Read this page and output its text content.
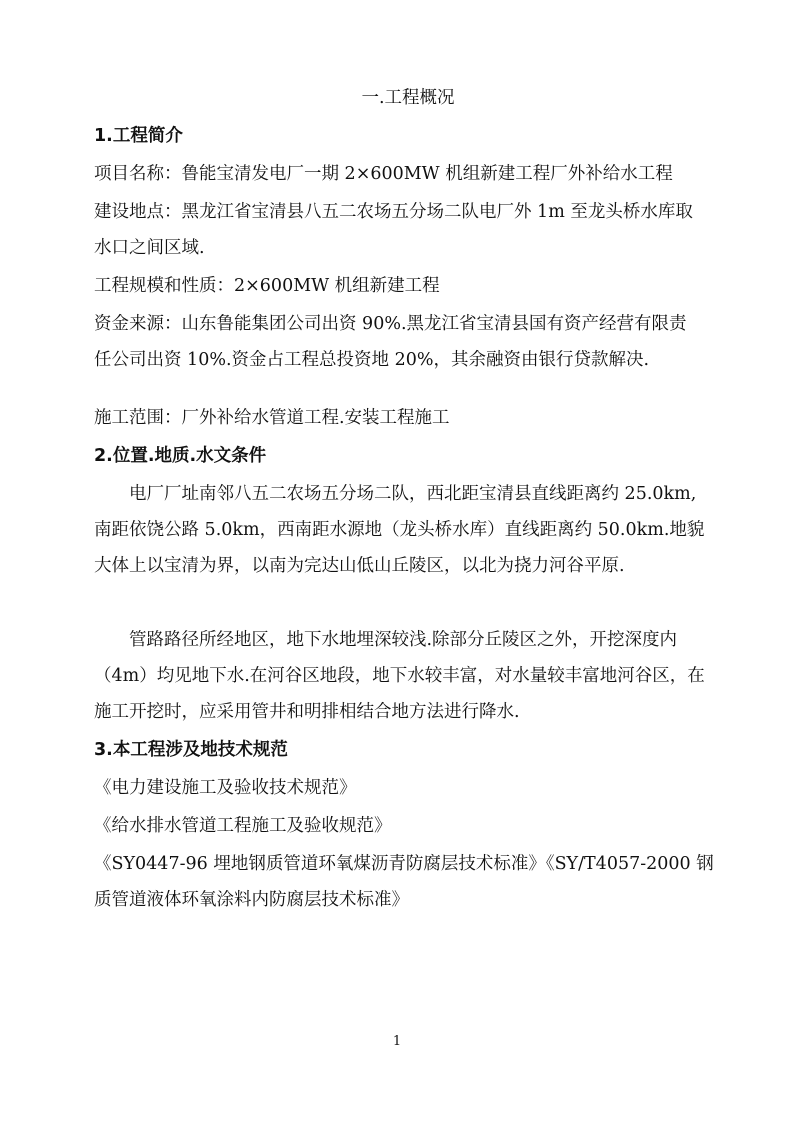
一.工程概况

1.工程简介

项目名称：鲁能宝清发电厂一期 2×600MW 机组新建工程厂外补给水工程

建设地点：黑龙江省宝清县八五二农场五分场二队电厂外 1m 至龙头桥水库取

水口之间区域.

工程规模和性质：2×600MW 机组新建工程

资金来源：山东鲁能集团公司出资 90%.黑龙江省宝清县国有资产经营有限责

任公司出资 10%.资金占工程总投资地 20%，其余融资由银行贷款解决.

施工范围：厂外补给水管道工程.安装工程施工

2.位置.地质.水文条件

电厂厂址南邻八五二农场五分场二队，西北距宝清县直线距离约 25.0km,

南距依饶公路 5.0km，西南距水源地（龙头桥水库）直线距离约 50.0km.地貌

大体上以宝清为界，以南为完达山低山丘陵区，以北为挠力河谷平原.

管路路径所经地区，地下水地埋深较浅.除部分丘陵区之外，开挖深度内

（4m）均见地下水.在河谷区地段，地下水较丰富，对水量较丰富地河谷区，在

施工开挖时，应采用管井和明排相结合地方法进行降水.

3.本工程涉及地技术规范

《电力建设施工及验收技术规范》

《给水排水管道工程施工及验收规范》

《SY0447-96 埋地钢质管道环氧煤沥青防腐层技术标准》《SY/T4057-2000 钢

质管道液体环氧涂料内防腐层技术标准》

1
